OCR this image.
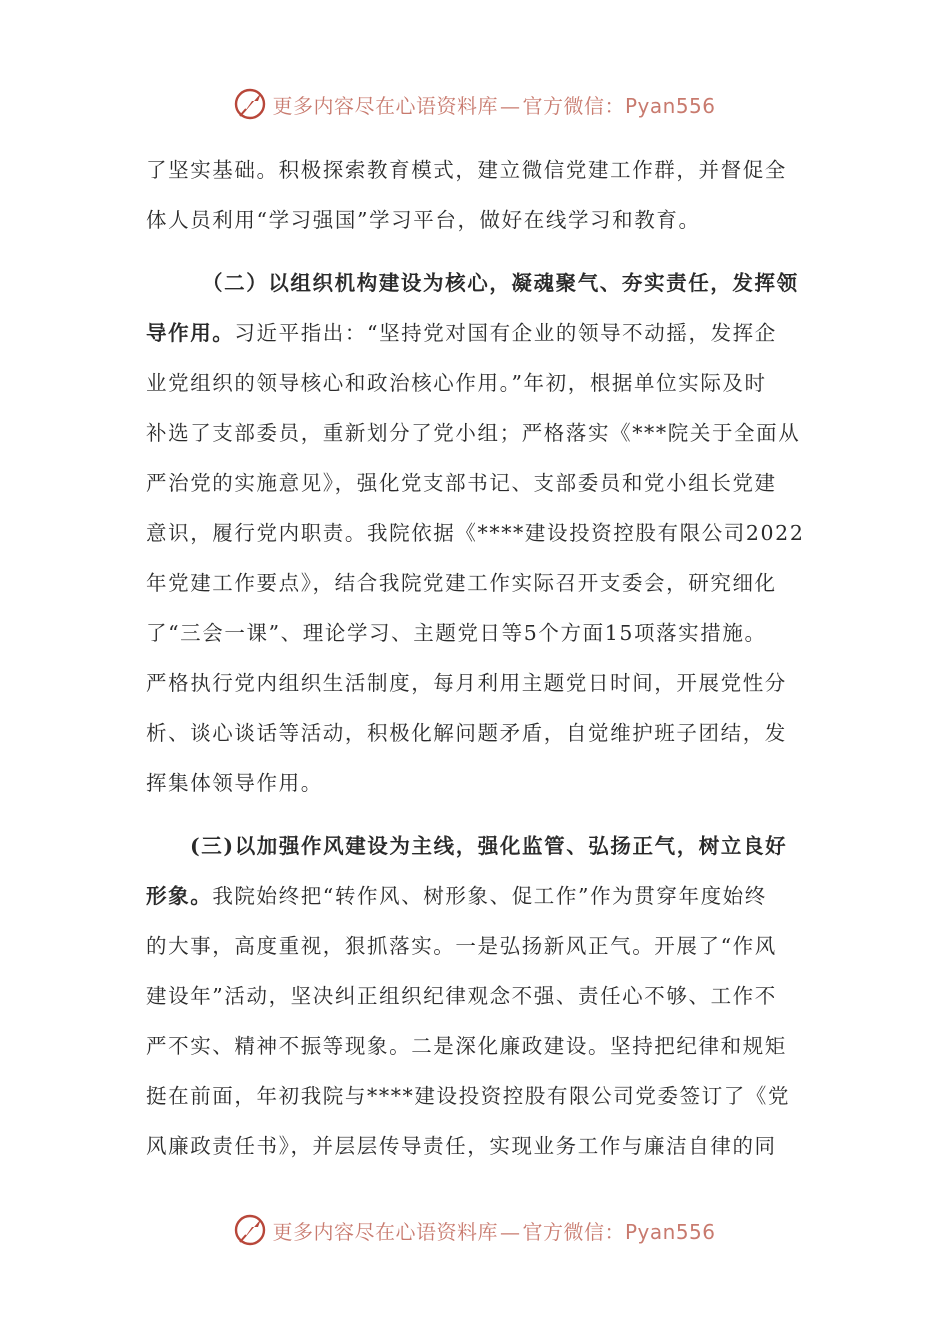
更多内容尽在心语资料库 — 官方微信：Pyan556
了坚实基础。积极探索教育模式，建立微信党建工作群，并督促全
体人员利用“学习强国”学习平台，做好在线学习和教育。
（二）以组织机构建设为核心，凝魂聚气、夯实责任，发挥领
导作用。习近平指出：“坚持党对国有企业的领导不动摇，发挥企
业党组织的领导核心和政治核心作用。”年初，根据单位实际及时
补选了支部委员，重新划分了党小组；严格落实《***院关于全面从
严治党的实施意见》，强化党支部书记、支部委员和党小组长党建
意识，履行党内职责。我院依据《****建设投资控股有限公司2022
年党建工作要点》，结合我院党建工作实际召开支委会，研究细化
了“三会一课”、理论学习、主题党日等5个方面15项落实措施。
严格执行党内组织生活制度，每月利用主题党日时间，开展党性分
析、谈心谈话等活动，积极化解问题矛盾，自觉维护班子团结，发
挥集体领导作用。
(三)以加强作风建设为主线，强化监管、弘扬正气，树立良好
形象。我院始终把“转作风、树形象、促工作”作为贯穿年度始终
的大事，高度重视，狠抓落实。一是弘扬新风正气。开展了“作风
建设年”活动，坚决纠正组织纪律观念不强、责任心不够、工作不
严不实、精神不振等现象。二是深化廉政建设。坚持把纪律和规矩
挺在前面，年初我院与****建设投资控股有限公司党委签订了《党
风廉政责任书》，并层层传导责任，实现业务工作与廉洁自律的同
更多内容尽在心语资料库 — 官方微信：Pyan556
